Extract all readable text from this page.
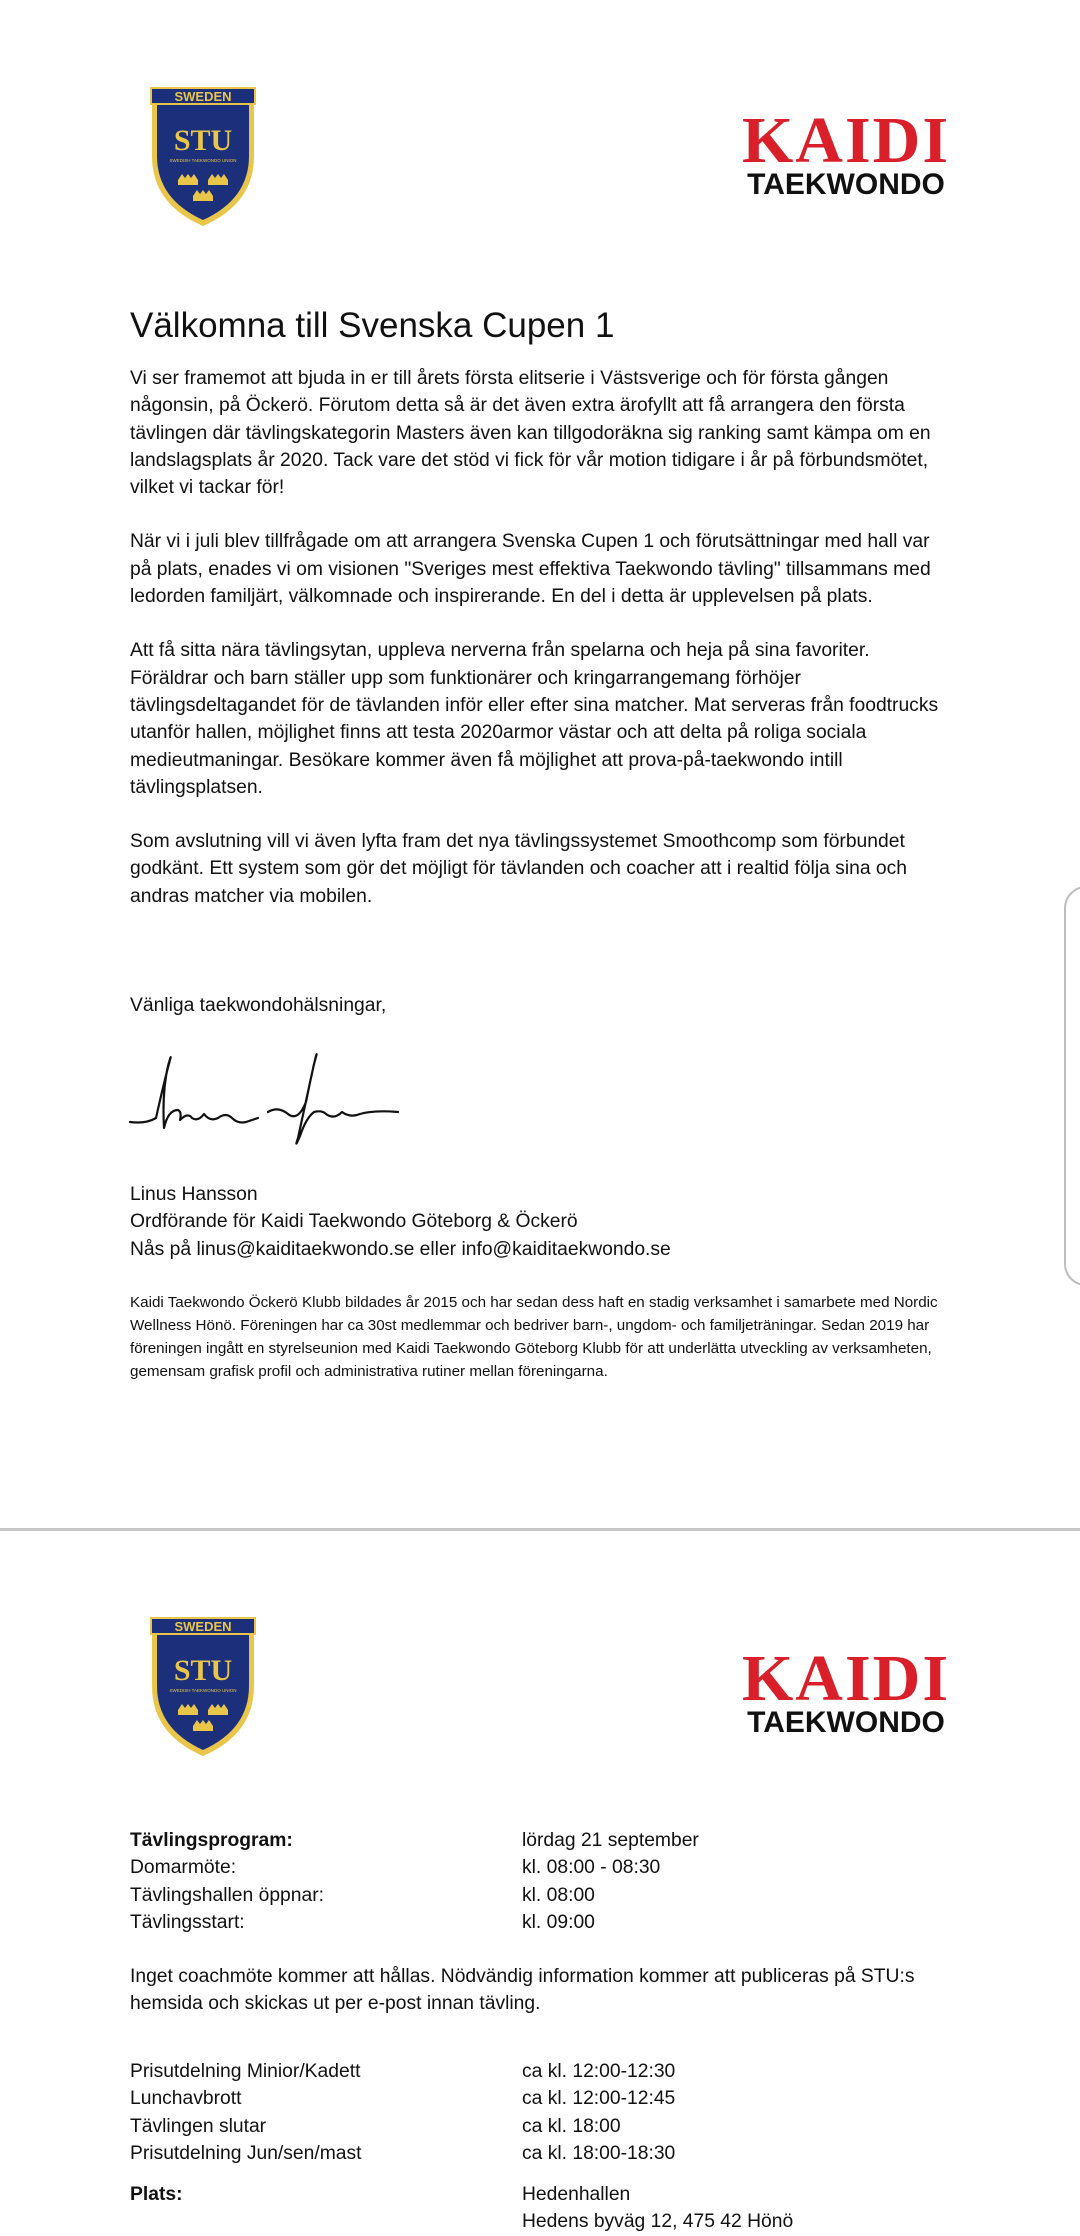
SWEDEN
STU
SWEDISH TAEKWONDO UNION	KAIDI
TAEKWONDO
Välkomna till Svenska Cupen 1

Vi ser framemot att bjuda in er till årets första elitserie i Västsverige och för första gången någonsin, på Öckerö. Förutom detta så är det även extra ärofyllt att få arrangera den första tävlingen där tävlingskategorin Masters även kan tillgodoräkna sig ranking samt kämpa om en landslagsplats år 2020. Tack vare det stöd vi fick för vår motion tidigare i år på förbundsmötet, vilket vi tackar för!

När vi i juli blev tillfrågade om att arrangera Svenska Cupen 1 och förutsättningar med hall var på plats, enades vi om visionen "Sveriges mest effektiva Taekwondo tävling" tillsammans med ledorden familjärt, välkomnade och inspirerande. En del i detta är upplevelsen på plats.

Att få sitta nära tävlingsytan, uppleva nerverna från spelarna och heja på sina favoriter. Föräldrar och barn ställer upp som funktionärer och kringarrangemang förhöjer tävlingsdeltagandet för de tävlanden inför eller efter sina matcher. Mat serveras från foodtrucks utanför hallen, möjlighet finns att testa 2020armor västar och att delta på roliga sociala medieutmaningar. Besökare kommer även få möjlighet att prova-på-taekwondo intill tävlingsplatsen.

Som avslutning vill vi även lyfta fram det nya tävlingssystemet Smoothcomp som förbundet godkänt. Ett system som gör det möjligt för tävlanden och coacher att i realtid följa sina och andras matcher via mobilen.

Vänliga taekwondohälsningar,
Linus Hansson
Ordförande för Kaidi Taekwondo Göteborg & Öckerö
Nås på linus@kaiditaekwondo.se eller info@kaiditaekwondo.se

Kaidi Taekwondo Öckerö Klubb bildades år 2015 och har sedan dess haft en stadig verksamhet i samarbete med Nordic Wellness Hönö. Föreningen har ca 30st medlemmar och bedriver barn-, ungdom- och familjeträningar. Sedan 2019 har föreningen ingått en styrelseunion med Kaidi Taekwondo Göteborg Klubb för att underlätta utveckling av verksamheten, gemensam grafisk profil och administrativa rutiner mellan föreningarna.

SWEDEN
STU
SWEDISH TAEKWONDO UNION	KAIDI
TAEKWONDO
Tävlingsprogram:	lördag 21 september
Domarmöte:	kl. 08:00 - 08:30
Tävlingshallen öppnar:	kl. 08:00
Tävlingsstart:	kl. 09:00

Inget coachmöte kommer att hållas. Nödvändig information kommer att publiceras på STU:s hemsida och skickas ut per e-post innan tävling.

Prisutdelning Minior/Kadett	ca kl. 12:00-12:30
Lunchavbrott	ca kl. 12:00-12:45
Tävlingen slutar	ca kl. 18:00
Prisutdelning Jun/sen/mast	ca kl. 18:00-18:30
Plats:	Hedenhallen
Hedens byväg 12, 475 42 Hönö
